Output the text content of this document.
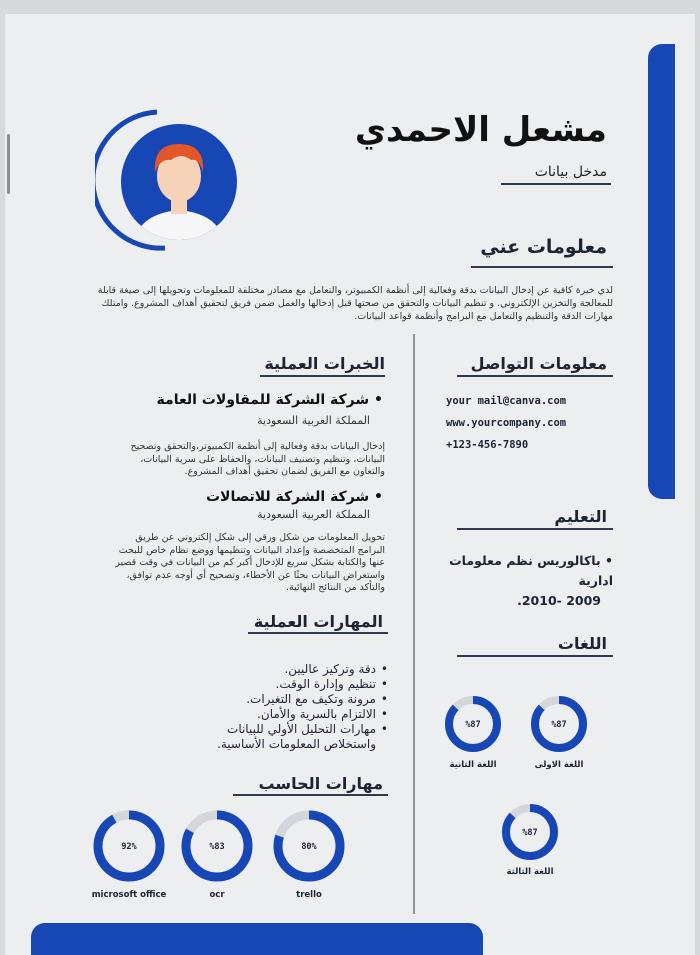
مشعل الاحمدي
مدخل بيانات
معلومات عني
لدي خبرة كافية عن إدخال البيانات بدقة وفعالية إلى أنظمة الكمبيوتر، والتعامل مع مصادر مختلفة للمعلومات وتحويلها إلى صيغة قابلة للمعالجة والتخزين الإلكتروني. و تنظيم البيانات والتحقق من صحتها قبل إدخالها والعمل ضمن فريق لتحقيق أهداف المشروع. وامتلك مهارات الدقة والتنظيم والتعامل مع البرامج وأنظمة قواعد البيانات.
معلومات التواصل
your mail@canva.com
www.yourcompany.com
+123-456-7890
التعليم
• باكالوريس نظم معلومات ادارية
2009 -2010.
اللغات
%87
اللغة الاولى
%87
اللغة الثانية
%87
اللغة الثالثة
الخبرات العملية
• شركة الشركة للمقاولات العامة
المملكة العربية السعودية
إدخال البيانات بدقة وفعالية إلى أنظمة الكمبيوتر،والتحقق وتصحيح البيانات، وتنظيم وتصنيف البيانات، والحفاظ على سرية البيانات، والتعاون مع الفريق لضمان تحقيق أهداف المشروع.
• شركة الشركة للاتصالات
المملكة العربية السعودية
تحويل المعلومات من شكل ورقي إلى شكل إلكتروني عن طريق البرامج المتخصصة وإعداد البيانات وتنظيمها ووضع نظام خاص للبحث عنها والكتابة بشكل سريع للإدخال أكبر كم من البيانات في وقت قصير واستعراض البيانات بحثًا عن الأخطاء، وتصحيح أي أوجه عدم توافق، والتأكد من النتائج النهائية.
المهارات العملية
• دقة وتركيز عاليين.
• تنظيم وإدارة الوقت.
• مرونة وتكيف مع التغيرات.
• الالتزام بالسرية والأمان.
• مهارات التحليل الأولي للبيانات واستخلاص المعلومات الأساسية.
مهارات الحاسب
80%
trello
%83
ocr
92%
microsoft office
